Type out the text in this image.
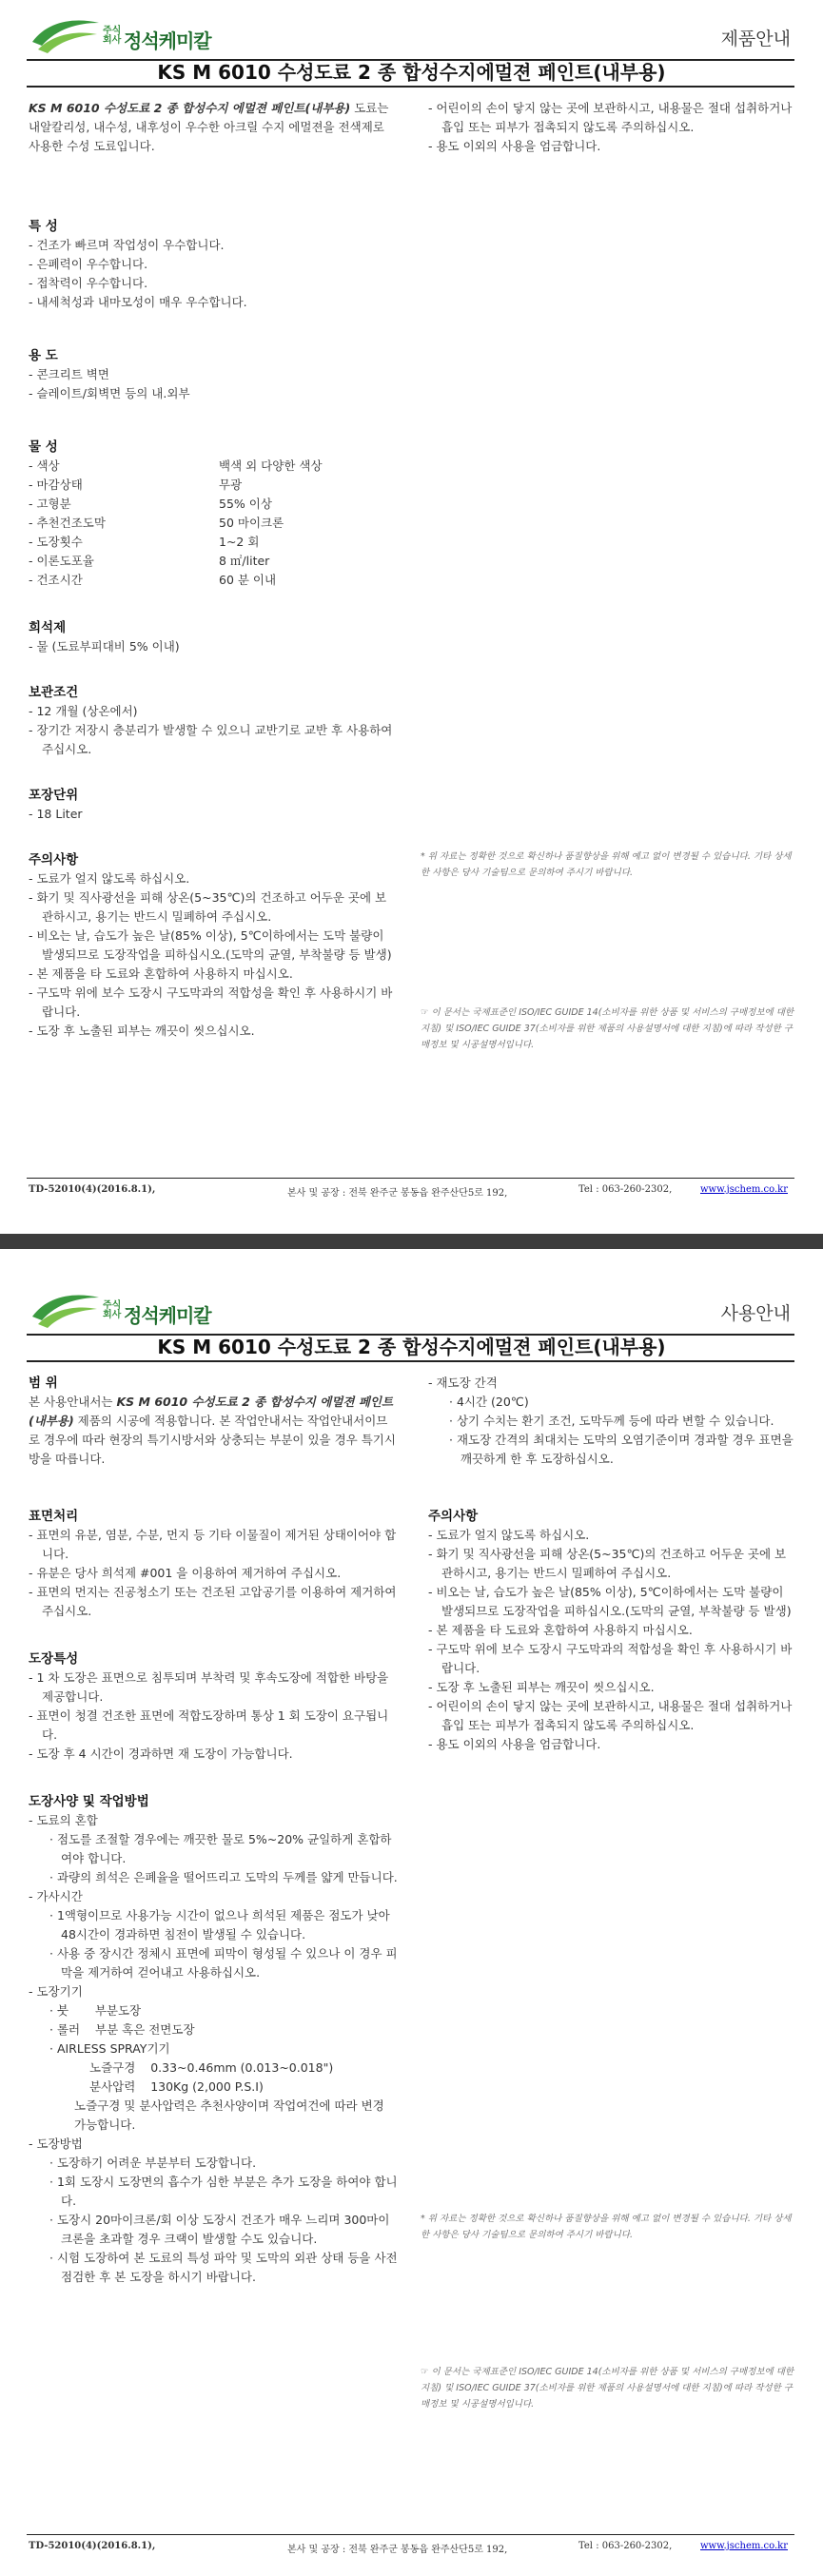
주식
회사 정석케미칼	제품안내
KS M 6010 수성도료 2 종 합성수지에멀젼 페인트(내부용)

KS M 6010 수성도료 2 종 합성수지 에멀젼 페인트(내부용) 도료는 내알칼리성, 내수성, 내후성이 우수한 아크릴 수지 에멀젼을 전색제로 사용한 수성 도료입니다.

특 성

- 건조가 빠르며 작업성이 우수합니다.

- 은폐력이 우수합니다.

- 접착력이 우수합니다.

- 내세척성과 내마모성이 매우 우수합니다.

용 도

- 콘크리트 벽면

- 슬레이트/회벽면 등의 내.외부

물 성

- 색상	백색 외 다양한 색상
- 마감상태	무광
- 고형분	55% 이상
- 추천건조도막	50 마이크론
- 도장횟수	1~2 회
- 이론도포율	8 ㎡/liter
- 건조시간	60 분 이내

희석제

- 물 (도료부피대비 5% 이내)

보관조건

- 12 개월 (상온에서)

- 장기간 저장시 층분리가 발생할 수 있으니 교반기로 교반 후 사용하여 주십시오.

포장단위

- 18 Liter

주의사항

- 도료가 얼지 않도록 하십시오.

- 화기 및 직사광선을 피해 상온(5~35℃)의 건조하고 어두운 곳에 보관하시고, 용기는 반드시 밀폐하여 주십시오.

- 비오는 날, 습도가 높은 날(85% 이상), 5℃이하에서는 도막 불량이 발생되므로 도장작업을 피하십시오.(도막의 균열, 부착불량 등 발생)

- 본 제품을 타 도료와 혼합하여 사용하지 마십시오.

- 구도막 위에 보수 도장시 구도막과의 적합성을 확인 후 사용하시기 바랍니다.

- 도장 후 노출된 피부는 깨끗이 씻으십시오.

- 어린이의 손이 닿지 않는 곳에 보관하시고, 내용물은 절대 섭취하거나 흡입 또는 피부가 접촉되지 않도록 주의하십시오.

- 용도 이외의 사용을 엄금합니다.

* 위 자료는 정확한 것으로 확신하나 품질향상을 위해 예고 없이 변경될 수 있습니다. 기타 상세한 사항은 당사 기술팀으로 문의하여 주시기 바랍니다.
☞ 이 문서는 국제표준인 ISO/IEC GUIDE 14(소비자를 위한 상품 및 서비스의 구매정보에 대한 지침) 및 ISO/IEC GUIDE 37(소비자를 위한 제품의 사용설명서에 대한 지침)에 따라 작성한 구매정보 및 시공설명서입니다.
TD-52010(4)(2016.8.1),	본사 및 공장 : 전북 완주군 봉동읍 완주산단5로 192,	Tel : 063-260-2302,	www.jschem.co.kr
주식
회사 정석케미칼	사용안내
KS M 6010 수성도료 2 종 합성수지에멀젼 페인트(내부용)

범 위

본 사용안내서는 KS M 6010 수성도료 2 종 합성수지 에멀젼 페인트(내부용) 제품의 시공에 적용합니다. 본 작업안내서는 작업안내서이므로 경우에 따라 현장의 특기시방서와 상충되는 부분이 있을 경우 특기시방을 따릅니다.

표면처리

- 표면의 유분, 염분, 수분, 먼지 등 기타 이물질이 제거된 상태이어야 합니다.

- 유분은 당사 희석제 #001 을 이용하여 제거하여 주십시오.

- 표면의 먼지는 진공청소기 또는 건조된 고압공기를 이용하여 제거하여 주십시오.

도장특성

- 1 차 도장은 표면으로 침투되며 부착력 및 후속도장에 적합한 바탕을 제공합니다.

- 표면이 청결 건조한 표면에 적합도장하며 통상 1 회 도장이 요구됩니다.

- 도장 후 4 시간이 경과하면 재 도장이 가능합니다.

도장사양 및 작업방법

- 도료의 혼합

· 점도를 조절할 경우에는 깨끗한 물로 5%~20% 균일하게 혼합하여야 합니다.

· 과량의 희석은 은폐율을 떨어뜨리고 도막의 두께를 얇게 만듭니다.

- 가사시간

· 1액형이므로 사용가능 시간이 없으나 희석된 제품은 점도가 낮아 48시간이 경과하면 침전이 발생될 수 있습니다.

· 사용 중 장시간 정체시 표면에 피막이 형성될 수 있으나 이 경우 피막을 제거하여 걷어내고 사용하십시오.

- 도장기기

· 붓       부분도장

· 롤러    부분 혹은 전면도장

· AIRLESS SPRAY기기

노즐구경    0.33~0.46mm (0.013~0.018")

분사압력    130Kg (2,000 P.S.I)

노즐구경 및 분사압력은 추천사양이며 작업여건에 따라 변경 가능합니다.

- 도장방법

· 도장하기 어려운 부분부터 도장합니다.

· 1회 도장시 도장면의 흡수가 심한 부분은 추가 도장을 하여야 합니다.

· 도장시 20마이크론/회 이상 도장시 건조가 매우 느리며 300마이크론을 초과할 경우 크랙이 발생할 수도 있습니다.

· 시험 도장하여 본 도료의 특성 파악 및 도막의 외관 상태 등을 사전 점검한 후 본 도장을 하시기 바랍니다.

- 재도장 간격

· 4시간 (20℃)

· 상기 수치는 환기 조건, 도막두께 등에 따라 변할 수 있습니다.

· 재도장 간격의 최대치는 도막의 오염기준이며 경과할 경우 표면을 깨끗하게 한 후 도장하십시오.

주의사항

- 도료가 얼지 않도록 하십시오.

- 화기 및 직사광선을 피해 상온(5~35℃)의 건조하고 어두운 곳에 보관하시고, 용기는 반드시 밀폐하여 주십시오.

- 비오는 날, 습도가 높은 날(85% 이상), 5℃이하에서는 도막 불량이 발생되므로 도장작업을 피하십시오.(도막의 균열, 부착불량 등 발생)

- 본 제품을 타 도료와 혼합하여 사용하지 마십시오.

- 구도막 위에 보수 도장시 구도막과의 적합성을 확인 후 사용하시기 바랍니다.

- 도장 후 노출된 피부는 깨끗이 씻으십시오.

- 어린이의 손이 닿지 않는 곳에 보관하시고, 내용물은 절대 섭취하거나 흡입 또는 피부가 접촉되지 않도록 주의하십시오.

- 용도 이외의 사용을 엄금합니다.

* 위 자료는 정확한 것으로 확신하나 품질향상을 위해 예고 없이 변경될 수 있습니다. 기타 상세한 사항은 당사 기술팀으로 문의하여 주시기 바랍니다.
☞ 이 문서는 국제표준인 ISO/IEC GUIDE 14(소비자를 위한 상품 및 서비스의 구매정보에 대한 지침) 및 ISO/IEC GUIDE 37(소비자를 위한 제품의 사용설명서에 대한 지침)에 따라 작성한 구매정보 및 시공설명서입니다.
TD-52010(4)(2016.8.1),	본사 및 공장 : 전북 완주군 봉동읍 완주산단5로 192,	Tel : 063-260-2302,	www.jschem.co.kr
